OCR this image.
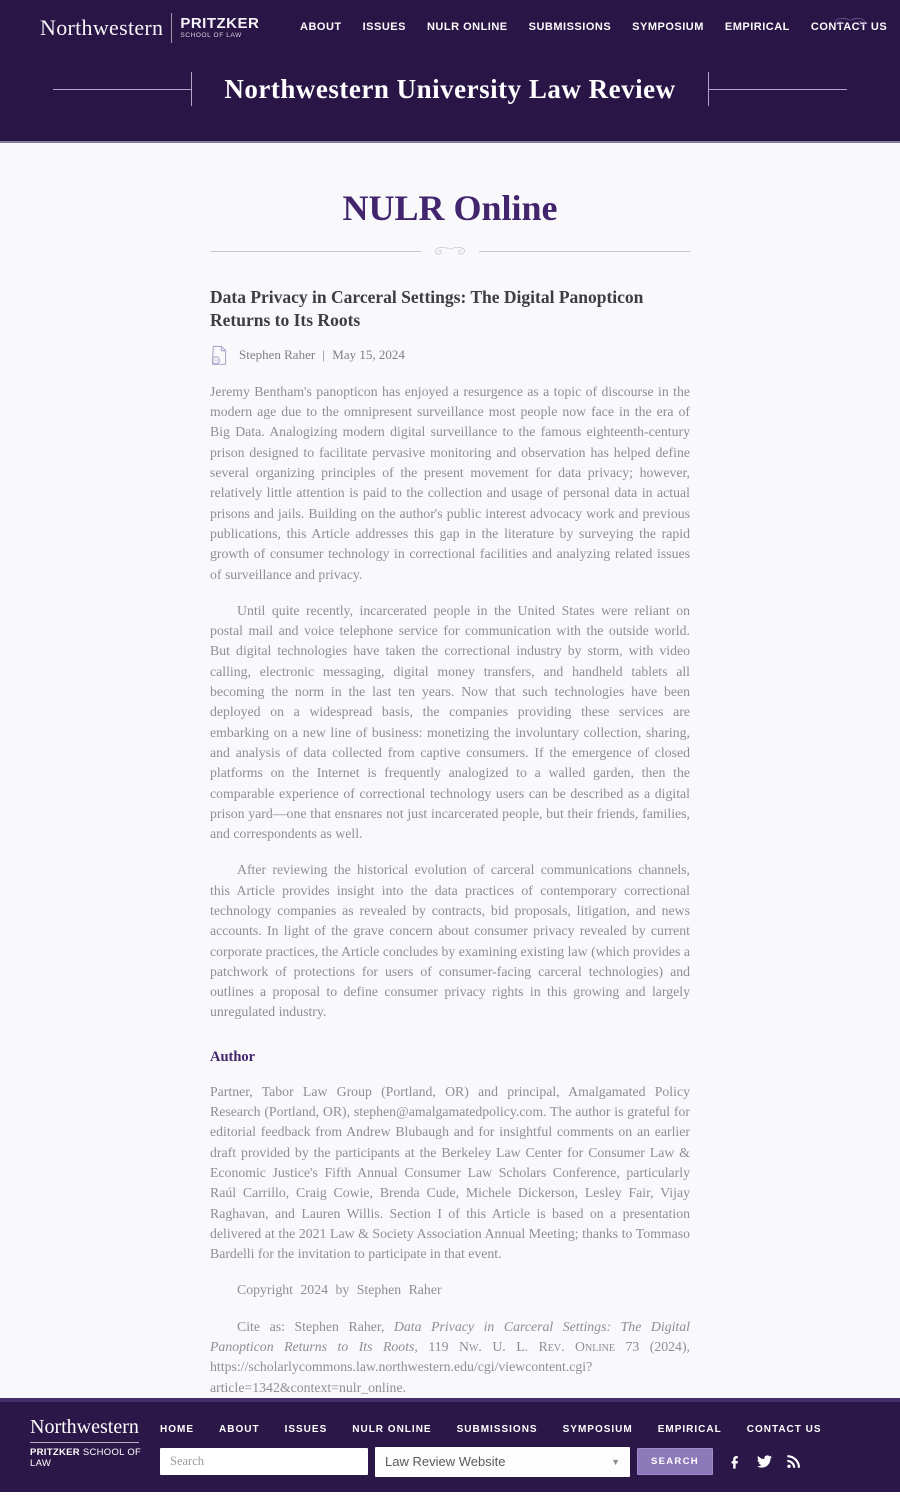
Northwestern PRITZKER
SCHOOL OF LAW
ABOUT ISSUES NULR ONLINE SUBMISSIONS SYMPOSIUM EMPIRICAL CONTACT US
Northwestern University Law Review
NULR Online
Data Privacy in Carceral Settings: The Digital Panopticon Returns to Its Roots
PDF Stephen Raher | May 15, 2024

Jeremy Bentham's panopticon has enjoyed a resurgence as a topic of discourse in the modern age due to the omnipresent surveillance most people now face in the era of Big Data. Analogizing modern digital surveillance to the famous eighteenth-century prison designed to facilitate pervasive monitoring and observation has helped define several organizing principles of the present movement for data privacy; however, relatively little attention is paid to the collection and usage of personal data in actual prisons and jails. Building on the author's public interest advocacy work and previous publications, this Article addresses this gap in the literature by surveying the rapid growth of consumer technology in correctional facilities and analyzing related issues of surveillance and privacy.

Until quite recently, incarcerated people in the United States were reliant on postal mail and voice telephone service for communication with the outside world. But digital technologies have taken the correctional industry by storm, with video calling, electronic messaging, digital money transfers, and handheld tablets all becoming the norm in the last ten years. Now that such technologies have been deployed on a widespread basis, the companies providing these services are embarking on a new line of business: monetizing the involuntary collection, sharing, and analysis of data collected from captive consumers. If the emergence of closed platforms on the Internet is frequently analogized to a walled garden, then the comparable experience of correctional technology users can be described as a digital prison yard—one that ensnares not just incarcerated people, but their friends, families, and correspondents as well.

After reviewing the historical evolution of carceral communications channels, this Article provides insight into the data practices of contemporary correctional technology companies as revealed by contracts, bid proposals, litigation, and news accounts. In light of the grave concern about consumer privacy revealed by current corporate practices, the Article concludes by examining existing law (which provides a patchwork of protections for users of consumer-facing carceral technologies) and outlines a proposal to define consumer privacy rights in this growing and largely unregulated industry.

Author

Partner, Tabor Law Group (Portland, OR) and principal, Amalgamated Policy Research (Portland, OR), stephen@amalgamatedpolicy.com. The author is grateful for editorial feedback from Andrew Blubaugh and for insightful comments on an earlier draft provided by the participants at the Berkeley Law Center for Consumer Law & Economic Justice's Fifth Annual Consumer Law Scholars Conference, particularly Raúl Carrillo, Craig Cowie, Brenda Cude, Michele Dickerson, Lesley Fair, Vijay Raghavan, and Lauren Willis. Section I of this Article is based on a presentation delivered at the 2021 Law & Society Association Annual Meeting; thanks to Tommaso Bardelli for the invitation to participate in that event.

Copyright 2024 by Stephen Raher

Cite as: Stephen Raher, Data Privacy in Carceral Settings: The Digital Panopticon Returns to Its Roots, 119 Nw. U. L. Rev. Online 73 (2024), https://scholarlycommons.law.northwestern.edu/cgi/viewcontent.cgi?article=1342&context=nulr_online.

Northwestern
PRITZKER SCHOOL OF LAW
HOME	ABOUT	ISSUES	NULR ONLINE	SUBMISSIONS	SYMPOSIUM	EMPIRICAL	CONTACT US
Search
Law Review Website	▼	SEARCH
